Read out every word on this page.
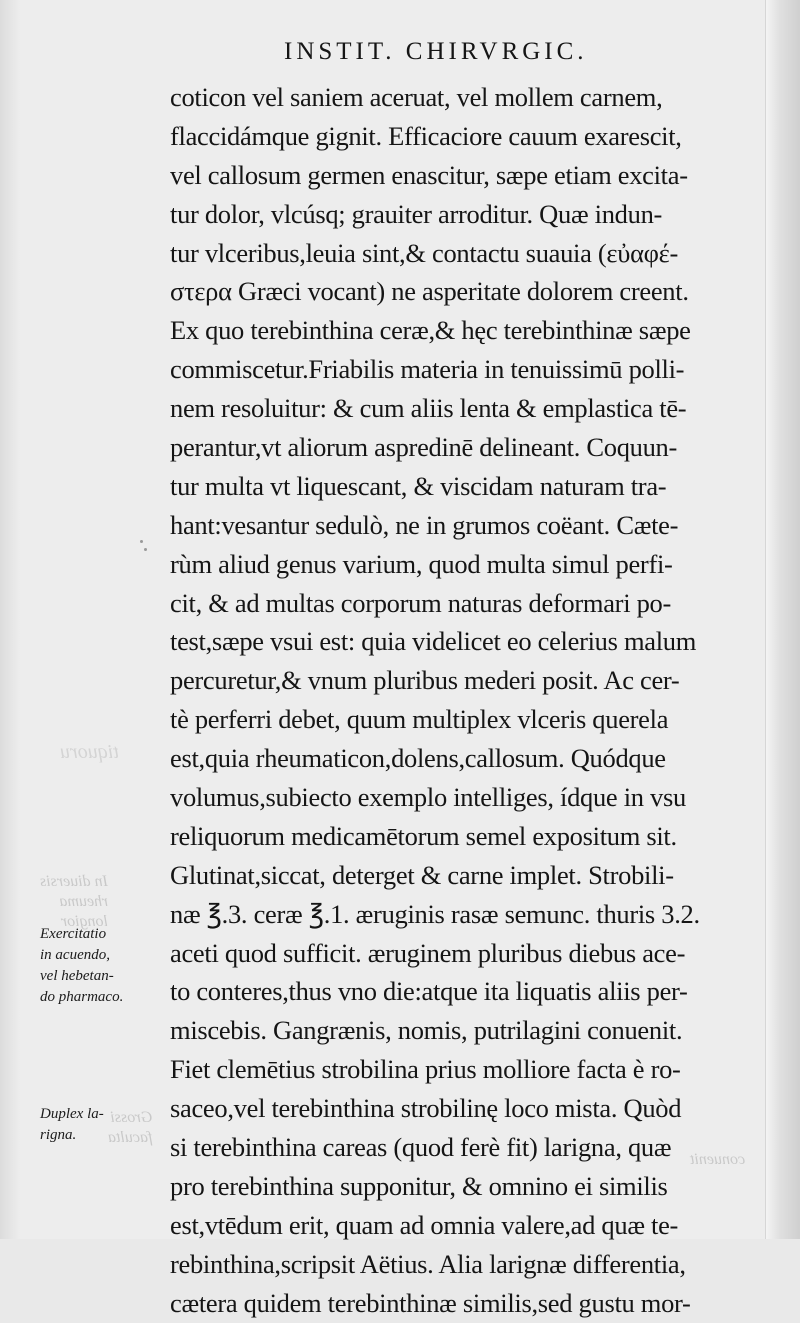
In diuersis
rheuma
longior
tiquoru
Grossi
faculta
conuenit
INSTIT. CHIRVRGIC.
coticon vel saniem aceruat, vel mollem carnem,
flaccidámque gignit. Efficaciore cauum exarescit,
vel callosum germen enascitur, sæpe etiam excita-
tur dolor, vlcúsq; grauiter arroditur. Quæ indun-
tur vlceribus,leuia sint,& contactu suauia (εὐαφέ-
στερα Græci vocant) ne asperitate dolorem creent.
Ex quo terebinthina ceræ,& hęc terebinthinæ sæpe
commiscetur.Friabilis materia in tenuissimū polli-
nem resoluitur: & cum aliis lenta & emplastica tē-
perantur,vt aliorum aspredinē delineant. Coquun-
tur multa vt liquescant, & viscidam naturam tra-
hant:vesantur sedulò, ne in grumos coëant. Cæte-
rùm aliud genus varium, quod multa simul perfi-
cit, & ad multas corporum naturas deformari po-
test,sæpe vsui est: quia videlicet eo celerius malum
percuretur,& vnum pluribus mederi posit. Ac cer-
tè perferri debet, quum multiplex vlceris querela
est,quia rheumaticon,dolens,callosum. Quódque
volumus,subiecto exemplo intelliges, ídque in vsu
reliquorum medicamētorum semel expositum sit.
Glutinat,siccat, deterget & carne implet. Strobili-
næ ℥.3. ceræ ℥.1. æruginis rasæ semunc. thuris 3.2.
aceti quod sufficit. æruginem pluribus diebus ace-
to conteres,thus vno die:atque ita liquatis aliis per-
miscebis. Gangrænis, nomis, putrilagini conuenit.
Fiet clemētius strobilina prius molliore facta è ro-
saceo,vel terebinthina strobilinę loco mista. Quòd
si terebinthina careas (quod ferè fit) larigna, quæ
pro terebinthina supponitur, & omnino ei similis
est,vtēdum erit, quam ad omnia valere,ad quæ te-
rebinthina,scripsit Aëtius. Alia larignæ differentia,
cætera quidem terebinthinæ similis,sed gustu mor-
Exercitatio
in acuendo,
vel hebetan-
do pharmaco.
Duplex la-
rigna.
